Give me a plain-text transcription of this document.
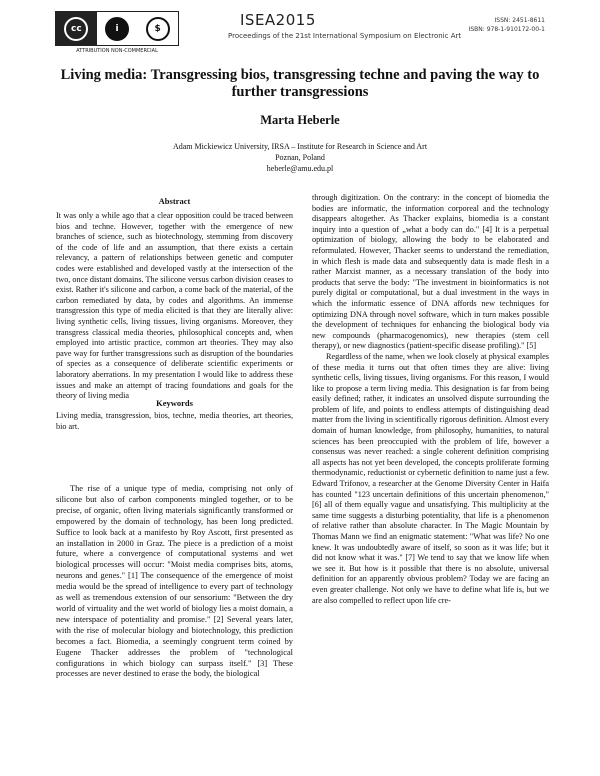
cc	i	$
ATTRIBUTION NON-COMMERCIAL
ISEA2015
Proceedings of the 21st International Symposium on Electronic Art
ISSN: 2451-8611
ISBN: 978-1-910172-00-1
Living media: Transgressing bios, transgressing techne and paving the way to further transgressions
Marta Heberle
Adam Mickiewicz University, IRSA – Institute for Research in Science and Art
Poznan, Poland
heberle@amu.edu.pl
Abstract

It was only a while ago that a clear opposition could be traced between bios and techne. However, together with the emergence of new branches of science, such as biotechnology, stemming from discovery of the code of life and an assumption, that there exists a certain relevancy, a pattern of relationships between genetic and computer codes were established and developed vastly at the intersection of the two, once distant domains. The silicone versus carbon division ceases to exist. Rather it's silicone and carbon, a come back of the material, of the carbon remediated by data, by codes and algorithms. An immense transgression this type of media elicited is that they are literally alive: living synthetic cells, living tissues, living organisms. Moreover, they transgress classical media theories, philosophical concepts and, when employed into artistic practice, common art theories. They may also pave way for further transgressions such as disruption of the boundaries of species as a consequence of deliberate scientific experiments or laboratory aberrations. In my presentation I would like to address these issues and make an attempt of tracing foundations and goals for the theory of living media

Keywords

Living media, transgression, bios, techne, media theories, art theories, bio art.

The rise of a unique type of media, comprising not only of silicone but also of carbon components mingled together, or to be precise, of organic, often living materials significantly transformed or empowered by the domain of technology, has been long predicted. Suffice to look back at a manifesto by Roy Ascott, first presented as an installation in 2000 in Graz. The piece is a prediction of a moist future, where a convergence of computational systems and wet biological processes will occur: "Moist media comprises bits, atoms, neurons and genes." [1] The consequence of the emergence of moist media would be the spread of intelligence to every part of technology as well as tremendous extension of our sensorium: "Between the dry world of virtuality and the wet world of biology lies a moist domain, a new interspace of potentiality and promise." [2] Several years later, with the rise of molecular biology and biotechnology, this prediction becomes a fact. Biomedia, a seemingly congruent term coined by Eugene Thacker addresses the problem of "technological configurations in which biology can surpass itself." [3] These processes are never destined to erase the body, the biological

through digitization. On the contrary: in the concept of biomedia the bodies are informatic, the information corporeal and the technology disappears altogether. As Thacker explains, biomedia is a constant inquiry into a question of „what a body can do." [4] It is a perpetual optimization of biology, allowing the body to be elaborated and reformulated. However, Thacker seems to understand the remediation, in which flesh is made data and subsequently data is made flesh in a rather Marxist manner, as a necessary translation of the body into products that serve the body: "The investment in bioinformatics is not purely digital or computational, but a dual investment in the ways in which the informatic essence of DNA affords new techniques for optimizing DNA through novel software, which in turn makes possible the development of techniques for enhancing the biological body via new compounds (pharmacogenomics), new therapies (stem cell therapy), or new diagnostics (patient-specific disease profiling)." [5]

Regardless of the name, when we look closely at physical examples of these media it turns out that often times they are alive: living synthetic cells, living tissues, living organisms. For this reason, I would like to propose a term living media. This designation is far from being easily defined; rather, it indicates an unsolved dispute surrounding the problem of life, and points to endless attempts of distinguishing dead matter from the living in scientifically rigorous definition. Almost every domain of human knowledge, from philosophy, humanities, to natural sciences has been preoccupied with the problem of life, however a consensus was never reached: a single coherent definition comprising all aspects has not yet been developed, the concepts proliferate forming thermodynamic, reductionist or cybernetic definition to name just a few. Edward Trifonov, a researcher at the Genome Diversity Center in Haifa has counted "123 uncertain definitions of this uncertain phenomenon," [6] all of them equally vague and unsatisfying. This multiplicity at the same time suggests a disturbing potentiality, that life is a phenomenon of relative rather than absolute character. In The Magic Mountain by Thomas Mann we find an enigmatic statement: "What was life? No one knew. It was undoubtedly aware of itself, so soon as it was life; but it did not know what it was." [7] We tend to say that we know life when we see it. But how is it possible that there is no absolute, universal definition for an apparently obvious problem? Today we are facing an even greater challenge. Not only we have to define what life is, but we are also compelled to reflect upon life cre-
